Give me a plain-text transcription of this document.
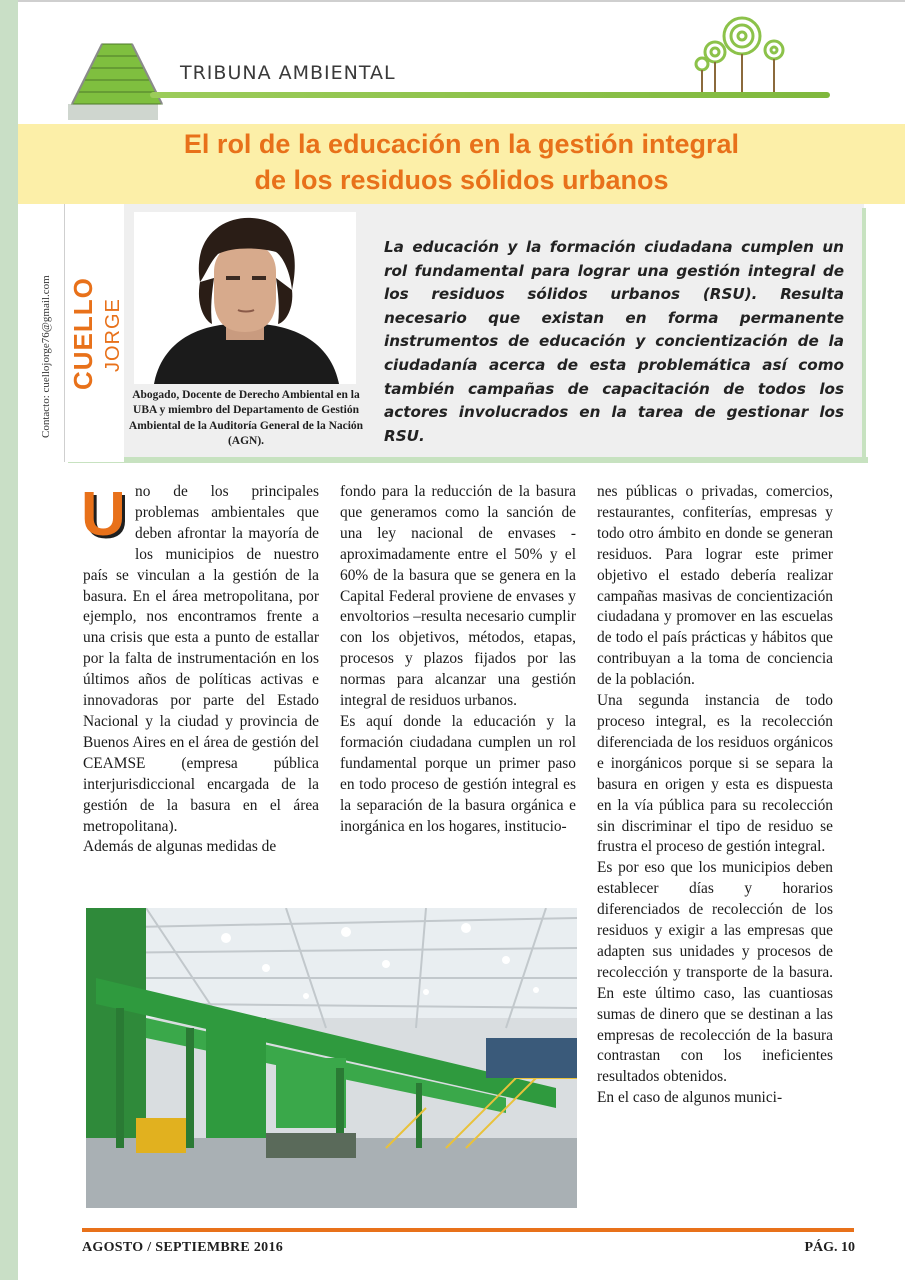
TRIBUNA AMBIENTAL
El rol de la educación en la gestión integral
de los residuos sólidos urbanos
Contacto: cuellojorge76@gmail.com CUELLO JORGE
Abogado, Docente de Derecho Ambiental en la UBA y miembro del Departamento de Gestión Ambiental de la Auditoría General de la Nación (AGN).
La educación y la formación ciudadana cumplen un rol fundamental para lograr una gestión integral de los residuos sólidos urbanos (RSU). Resulta necesario que existan en forma permanente instrumentos de educación y concientización de la ciudadanía acerca de esta problemática así como también campañas de capacitación de todos los actores involucrados en la tarea de gestionar los RSU.
U no de los principales problemas ambientales que deben afrontar la mayoría de los municipios de nuestro país se vinculan a la gestión de la basura. En el área metropolitana, por ejemplo, nos encontramos frente a una crisis que esta a punto de estallar por la falta de instrumentación en los últimos años de políticas activas e innovadoras por parte del Estado Nacional y la ciudad y provincia de Buenos Aires en el área de gestión del CEAMSE (empresa pública interjurisdiccional encargada de la gestión de la basura en el área metropolitana).

Además de algunas medidas de

fondo para la reducción de la basura que generamos como la sanción de una ley nacional de envases -aproximadamente entre el 50% y el 60% de la basura que se genera en la Capital Federal proviene de envases y envoltorios –resulta necesario cumplir con los objetivos, métodos, etapas, procesos y plazos fijados por las normas para alcanzar una gestión integral de residuos urbanos.

Es aquí donde la educación y la formación ciudadana cumplen un rol fundamental porque un primer paso en todo proceso de gestión integral es la separación de la basura orgánica e inorgánica en los hogares, institucio-

nes públicas o privadas, comercios, restaurantes, confiterías, empresas y todo otro ámbito en donde se generan residuos. Para lograr este primer objetivo el estado debería realizar campañas masivas de concientización ciudadana y promover en las escuelas de todo el país prácticas y hábitos que contribuyan a la toma de conciencia de la población.

Una segunda instancia de todo proceso integral, es la recolección diferenciada de los residuos orgánicos e inorgánicos porque si se separa la basura en origen y esta es dispuesta en la vía pública para su recolección sin discriminar el tipo de residuo se frustra el proceso de gestión integral.

Es por eso que los municipios deben establecer días y horarios diferenciados de recolección de los residuos y exigir a las empresas que adapten sus unidades y procesos de recolección y transporte de la basura. En este último caso, las cuantiosas sumas de dinero que se destinan a las empresas de recolección de la basura contrastan con los ineficientes resultados obtenidos.

En el caso de algunos munici-

AGOSTO / SEPTIEMBRE 2016	PÁG. 10
